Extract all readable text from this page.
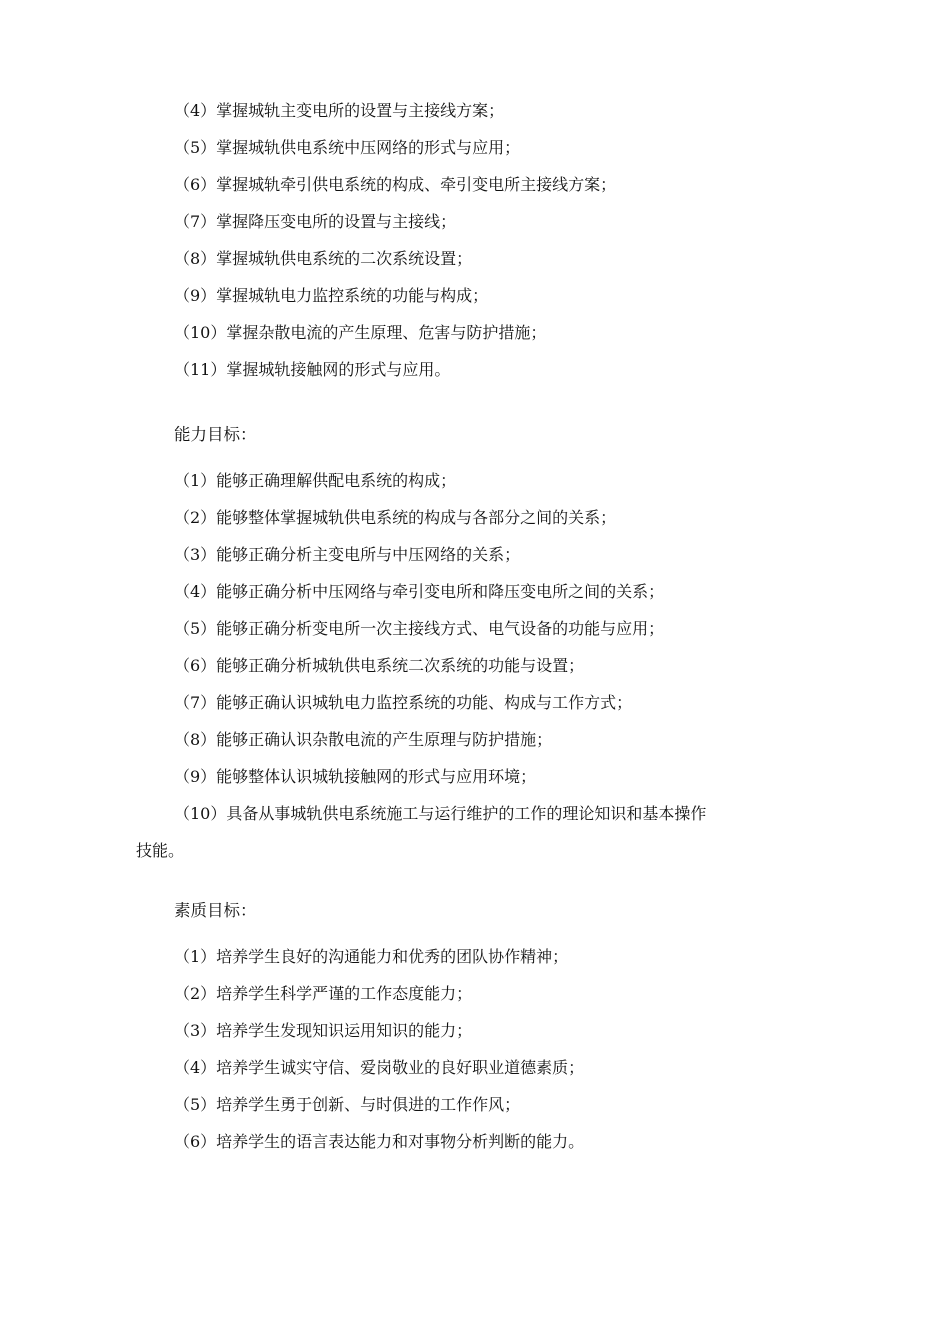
（4）掌握城轨主变电所的设置与主接线方案；
（5）掌握城轨供电系统中压网络的形式与应用；
（6）掌握城轨牵引供电系统的构成、牵引变电所主接线方案；
（7）掌握降压变电所的设置与主接线；
（8）掌握城轨供电系统的二次系统设置；
（9）掌握城轨电力监控系统的功能与构成；
（10）掌握杂散电流的产生原理、危害与防护措施；
（11）掌握城轨接触网的形式与应用。
能力目标：
（1）能够正确理解供配电系统的构成；
（2）能够整体掌握城轨供电系统的构成与各部分之间的关系；
（3）能够正确分析主变电所与中压网络的关系；
（4）能够正确分析中压网络与牵引变电所和降压变电所之间的关系；
（5）能够正确分析变电所一次主接线方式、电气设备的功能与应用；
（6）能够正确分析城轨供电系统二次系统的功能与设置；
（7）能够正确认识城轨电力监控系统的功能、构成与工作方式；
（8）能够正确认识杂散电流的产生原理与防护措施；
（9）能够整体认识城轨接触网的形式与应用环境；
（10）具备从事城轨供电系统施工与运行维护的工作的理论知识和基本操作
技能。
素质目标：
（1）培养学生良好的沟通能力和优秀的团队协作精神；
（2）培养学生科学严谨的工作态度能力；
（3）培养学生发现知识运用知识的能力；
（4）培养学生诚实守信、爱岗敬业的良好职业道德素质；
（5）培养学生勇于创新、与时俱进的工作作风；
（6）培养学生的语言表达能力和对事物分析判断的能力。
